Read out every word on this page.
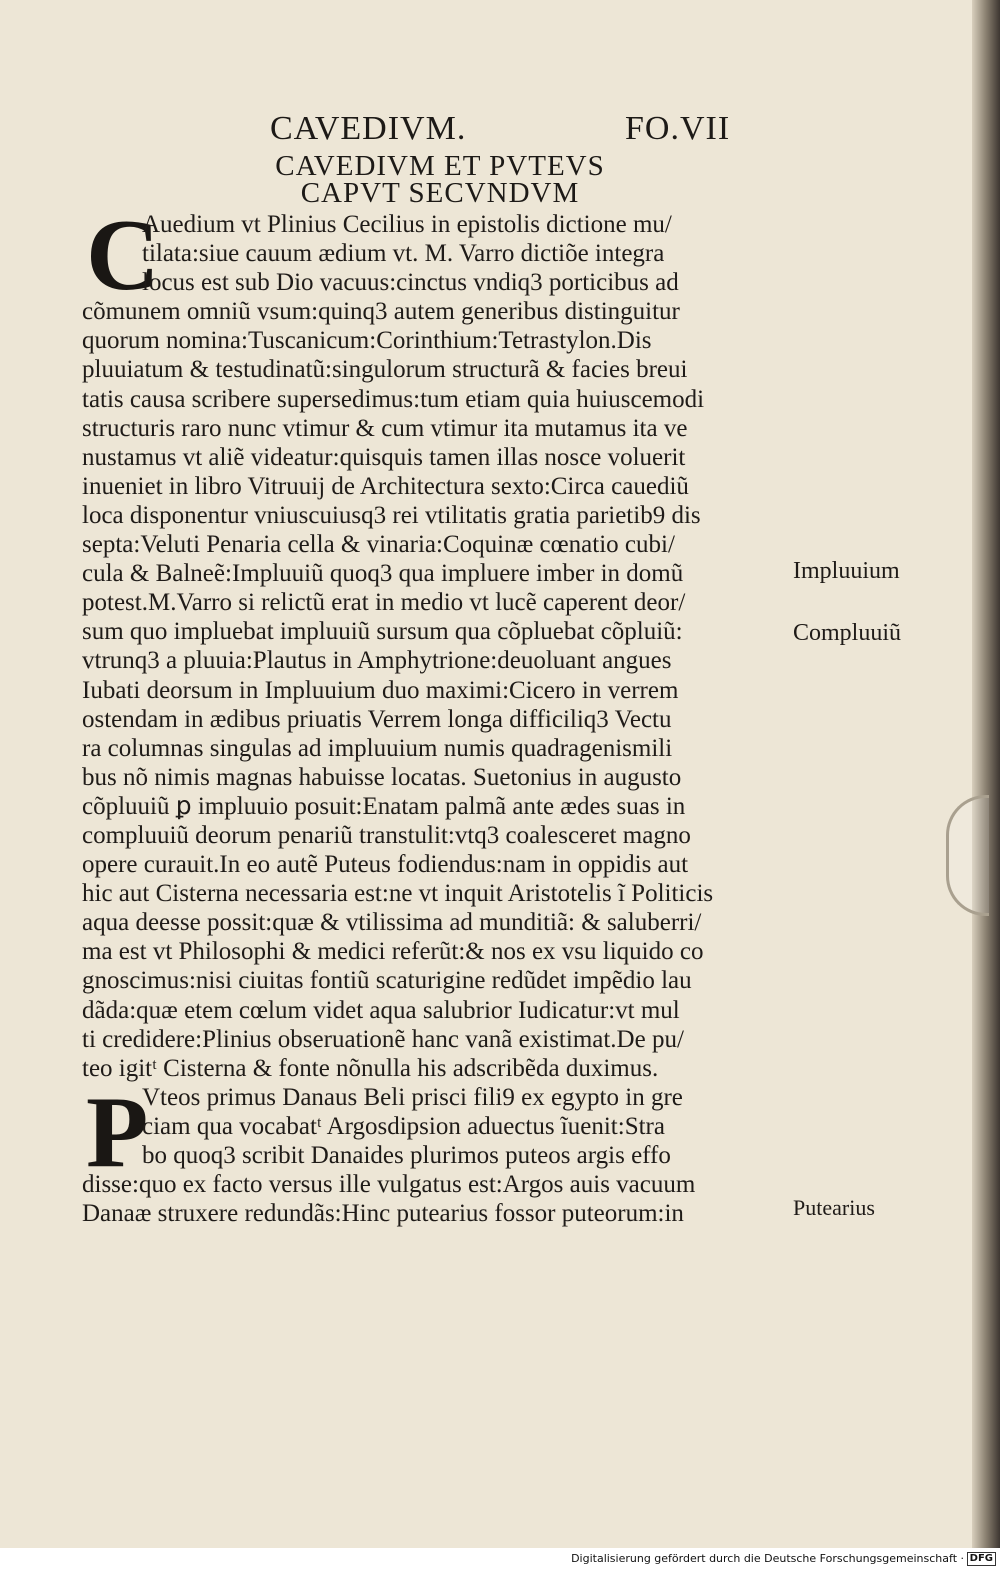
CAVEDIVM.	FO.VII
CAVEDIVM ET PVTEVS
CAPVT SECVNDVM
C
P
Auedium vt Plinius Cecilius in epistolis dictione mu/
tilata:siue cauum ædium vt. M. Varro dictiõe integra
locus est sub Dio vacuus:cinctus vndiq3 porticibus ad
cõmunem omniũ vsum:quinq3 autem generibus distinguitur
quorum nomina:Tuscanicum:Corinthium:Tetrastylon.Dis
pluuiatum & testudinatũ:singulorum structurã & facies breui
tatis causa scribere supersedimus:tum etiam quia huiuscemodi
structuris raro nunc vtimur & cum vtimur ita mutamus ita ve
nustamus vt aliẽ videatur:quisquis tamen illas nosce voluerit
inueniet in libro Vitruuij de Architectura sexto:Circa cauediũ
loca disponentur vniuscuiusq3 rei vtilitatis gratia parietib9 dis
septa:Veluti Penaria cella & vinaria:Coquinæ cœnatio cubi/
cula & Balneẽ:Impluuiũ quoq3 qua impluere imber in domũ
potest.M.Varro si relictũ erat in medio vt lucẽ caperent deor/
sum quo impluebat impluuiũ sursum qua cõpluebat cõpluiũ:
vtrunq3 a pluuia:Plautus in Amphytrione:deuoluant angues
Iubati deorsum in Impluuium duo maximi:Cicero in verrem
ostendam in ædibus priuatis Verrem longa difficiliq3 Vectu
ra columnas singulas ad impluuium numis quadragenismili
bus nõ nimis magnas habuisse locatas. Suetonius in augusto
cõpluuiũ ꝑ impluuio posuit:Enatam palmã ante ædes suas in
compluuiũ deorum penariũ transtulit:vtq3 coalesceret magno
opere curauit.In eo autẽ Puteus fodiendus:nam in oppidis aut
hic aut Cisterna necessaria est:ne vt inquit Aristotelis ĩ Politicis
aqua deesse possit:quæ & vtilissima ad munditiã: & saluberri/
ma est vt Philosophi & medici referũt:& nos ex vsu liquido co
gnoscimus:nisi ciuitas fontiũ scaturigine redũdet impẽdio lau
dãda:quæ etem cœlum videt aqua salubrior Iudicatur:vt mul
ti credidere:Plinius obseruationẽ hanc vanã existimat.De pu/
teo igitᵗ Cisterna & fonte nõnulla his adscribẽda duximus.
Vteos primus Danaus Beli prisci fili9 ex egypto in gre
ciam qua vocabatᵗ Argosdipsion aduectus ĩuenit:Stra
bo quoq3 scribit Danaides plurimos puteos argis effo
disse:quo ex facto versus ille vulgatus est:Argos auis vacuum
Danaæ struxere redundãs:Hinc putearius fossor puteorum:in
Impluuium
Compluuiũ
Putearius
Digitalisierung gefördert durch die Deutsche Forschungsgemeinschaft · DFG
